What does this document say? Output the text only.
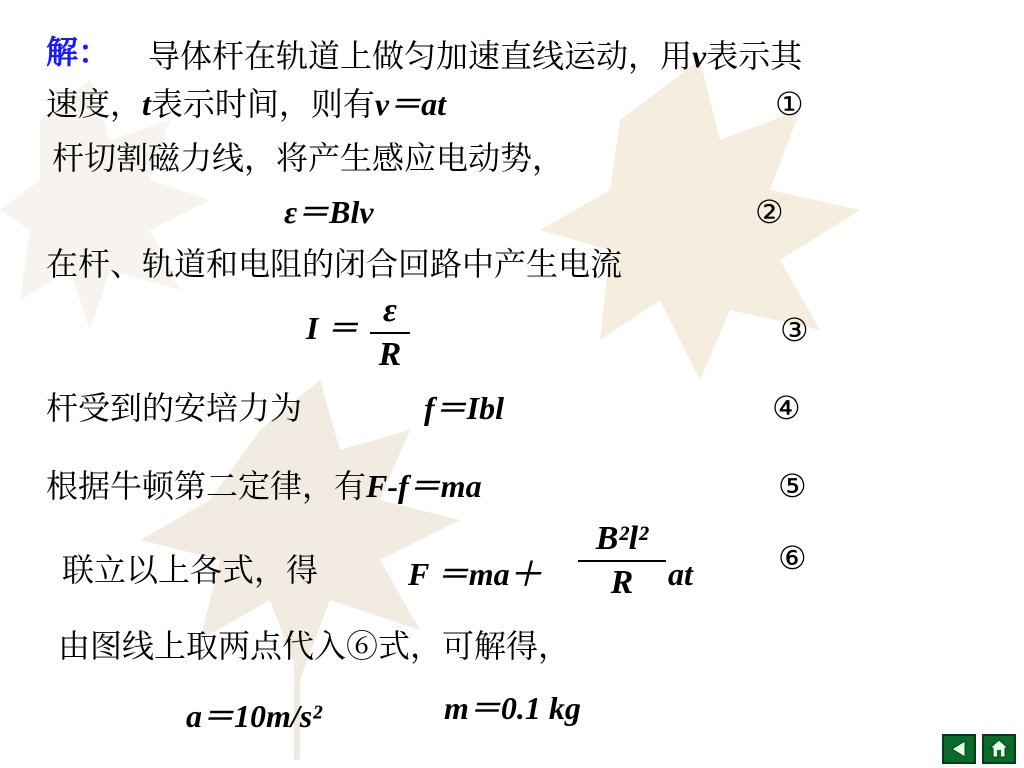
解： 导体杆在轨道上做匀加速直线运动，用v表示其
速度，t表示时间，则有v＝at	①
杆切割磁力线，将产生感应电动势，
ε＝Blv	②
在杆、轨道和电阻的闭合回路中产生电流
I ＝ ε
R
③
杆受到的安培力为	f＝Ibl	④
根据牛顿第二定律，有F-f＝ma	⑤
联立以上各式，得	F ＝ma＋
B²l²
R	at	⑥
由图线上取两点代入⑥式，可解得，
a＝10m/s²	m＝0.1 kg
